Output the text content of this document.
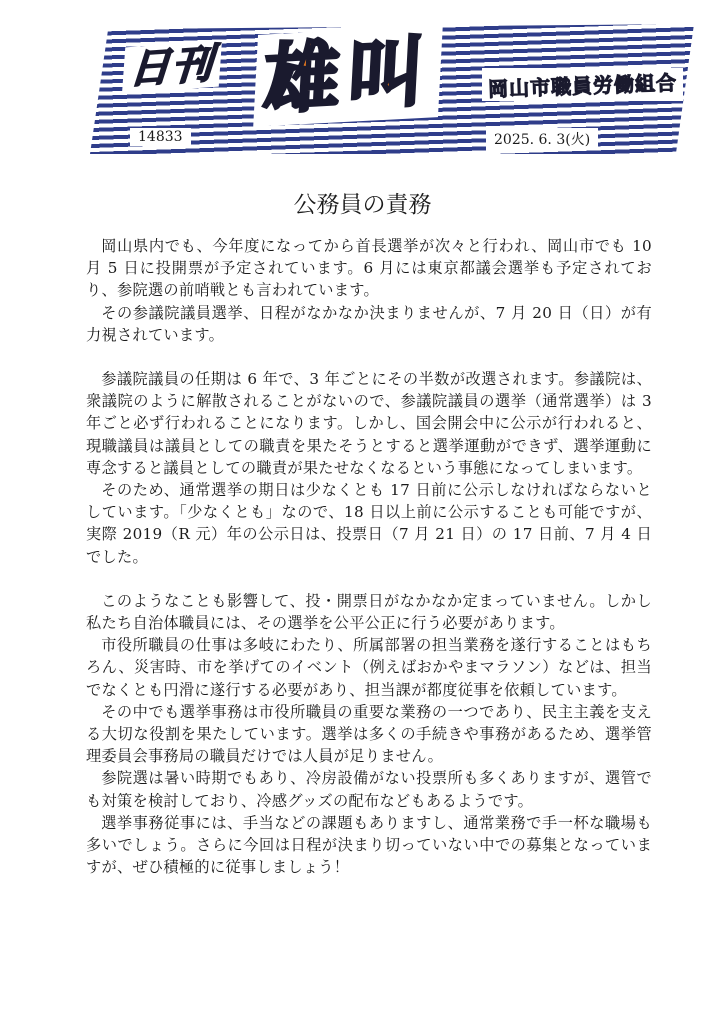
日刊 雄叫	岡山市職員労働組合
14833	2025. 6. 3(火)
公務員の責務

岡山県内でも、今年度になってから首長選挙が次々と行われ、岡山市でも 10 月 5 日に投開票が予定されています。6 月には東京都議会選挙も予定されており、参院選の前哨戦とも言われています。

その参議院議員選挙、日程がなかなか決まりませんが、7 月 20 日（日）が有力視されています。

参議院議員の任期は 6 年で、3 年ごとにその半数が改選されます。参議院は、衆議院のように解散されることがないので、参議院議員の選挙（通常選挙）は 3 年ごと必ず行われることになります。しかし、国会開会中に公示が行われると、現職議員は議員としての職責を果たそうとすると選挙運動ができず、選挙運動に専念すると議員としての職責が果たせなくなるという事態になってしまいます。

そのため、通常選挙の期日は少なくとも 17 日前に公示しなければならないとしています。「少なくとも」なので、18 日以上前に公示することも可能ですが、実際 2019（R 元）年の公示日は、投票日（7 月 21 日）の 17 日前、7 月 4 日でした。

このようなことも影響して、投・開票日がなかなか定まっていません。しかし私たち自治体職員には、その選挙を公平公正に行う必要があります。

市役所職員の仕事は多岐にわたり、所属部署の担当業務を遂行することはもちろん、災害時、市を挙げてのイベント（例えばおかやまマラソン）などは、担当でなくとも円滑に遂行する必要があり、担当課が都度従事を依頼しています。

その中でも選挙事務は市役所職員の重要な業務の一つであり、民主主義を支える大切な役割を果たしています。選挙は多くの手続きや事務があるため、選挙管理委員会事務局の職員だけでは人員が足りません。

参院選は暑い時期でもあり、冷房設備がない投票所も多くありますが、選管でも対策を検討しており、冷感グッズの配布などもあるようです。

選挙事務従事には、手当などの課題もありますし、通常業務で手一杯な職場も多いでしょう。さらに今回は日程が決まり切っていない中での募集となっていますが、ぜひ積極的に従事しましょう！
